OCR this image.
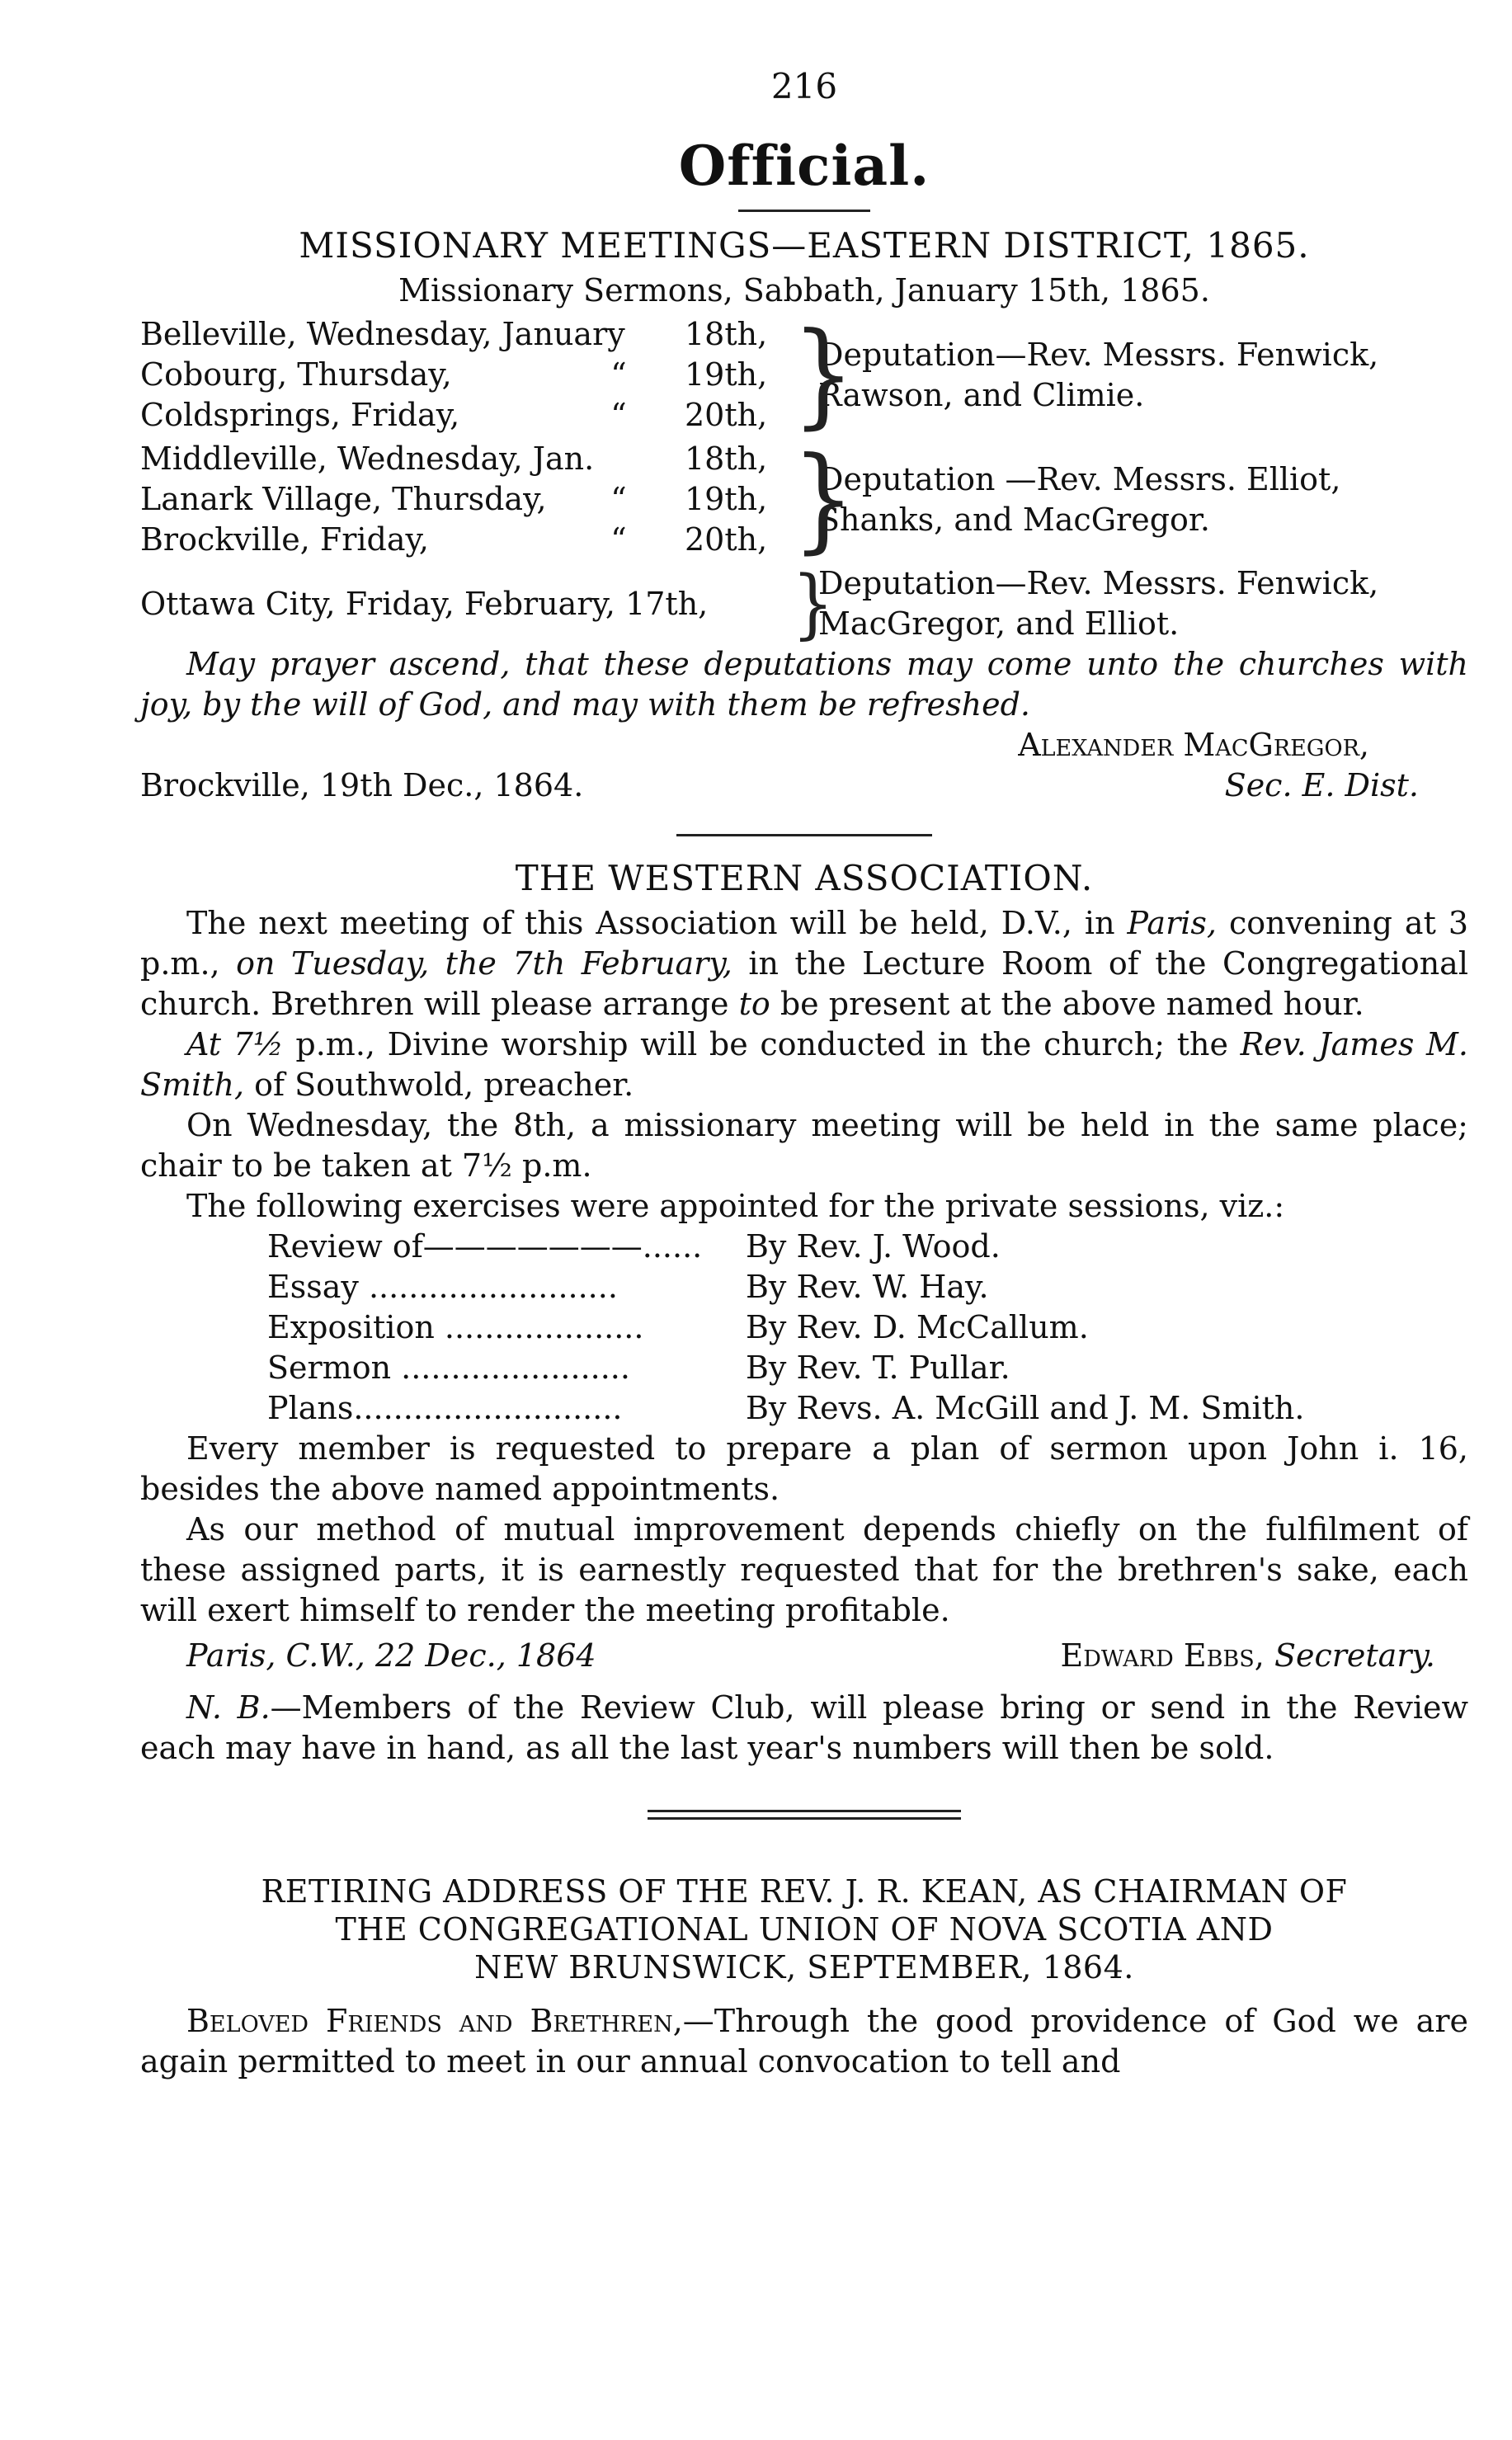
216
Official.
MISSIONARY MEETINGS—EASTERN DISTRICT, 1865.
Missionary Sermons, Sabbath, January 15th, 1865.
Belleville, Wednesday, January 18th,
Cobourg, Thursday,	“	19th,
Coldsprings, Friday,	“	20th, }
Deputation—Rev. Messrs. Fenwick, Rawson, and Climie.
Middleville, Wednesday, Jan.	18th,
Lanark Village, Thursday,	“	19th,
Brockville, Friday,	“	20th, }
Deputation —Rev. Messrs. Elliot, Shanks, and MacGregor.
Ottawa City, Friday, February, 17th,	}
Deputation—Rev. Messrs. Fenwick, MacGregor, and Elliot.

May prayer ascend, that these deputations may come unto the churches with joy, by the will of God, and may with them be refreshed.

Alexander MacGregor,
Brockville, 19th Dec., 1864.	Sec. E. Dist.
THE WESTERN ASSOCIATION.

The next meeting of this Association will be held, D.V., in Paris, convening at 3 p.m., on Tuesday, the 7th February, in the Lecture Room of the Congregational church. Brethren will please arrange to be present at the above named hour.

At 7½ p.m., Divine worship will be conducted in the church; the Rev. James M. Smith, of Southwold, preacher.

On Wednesday, the 8th, a missionary meeting will be held in the same place; chair to be taken at 7½ p.m.

The following exercises were appointed for the private sessions, viz.:

Review of———————......	By Rev. J. Wood.
Essay .........................	By Rev. W. Hay.
Exposition ....................	By Rev. D. McCallum.
Sermon .......................	By Rev. T. Pullar.
Plans...........................	By Revs. A. McGill and J. M. Smith.

Every member is requested to prepare a plan of sermon upon John i. 16, besides the above named appointments.

As our method of mutual improvement depends chiefly on the fulfilment of these assigned parts, it is earnestly requested that for the brethren's sake, each will exert himself to render the meeting profitable.

Paris, C.W., 22 Dec., 1864	Edward Ebbs, Secretary.

N. B.—Members of the Review Club, will please bring or send in the Review each may have in hand, as all the last year's numbers will then be sold.

RETIRING ADDRESS OF THE REV. J. R. KEAN, AS CHAIRMAN OF
THE CONGREGATIONAL UNION OF NOVA SCOTIA AND
NEW BRUNSWICK, SEPTEMBER, 1864.

Beloved Friends and Brethren,—Through the good providence of God we are again permitted to meet in our annual convocation to tell and
